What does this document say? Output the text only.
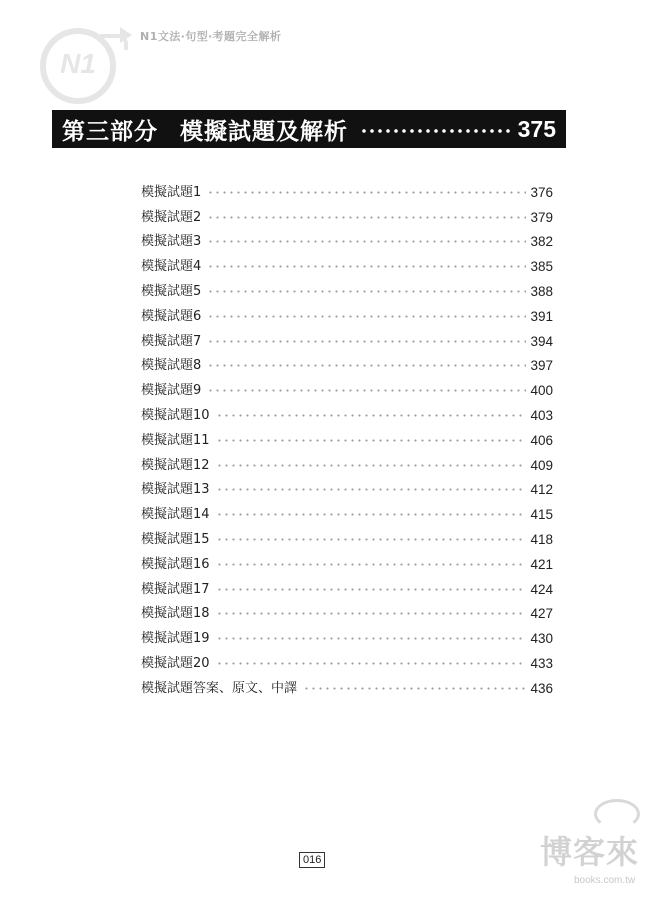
N1
N1文法‧句型‧考題完全解析
第三部分 模擬試題及解析	375
模擬試題1	376
模擬試題2	379
模擬試題3	382
模擬試題4	385
模擬試題5	388
模擬試題6	391
模擬試題7	394
模擬試題8	397
模擬試題9	400
模擬試題10	403
模擬試題11	406
模擬試題12	409
模擬試題13	412
模擬試題14	415
模擬試題15	418
模擬試題16	421
模擬試題17	424
模擬試題18	427
模擬試題19	430
模擬試題20	433
模擬試題答案、原文、中譯	436
016	博客來
books.com.tw
